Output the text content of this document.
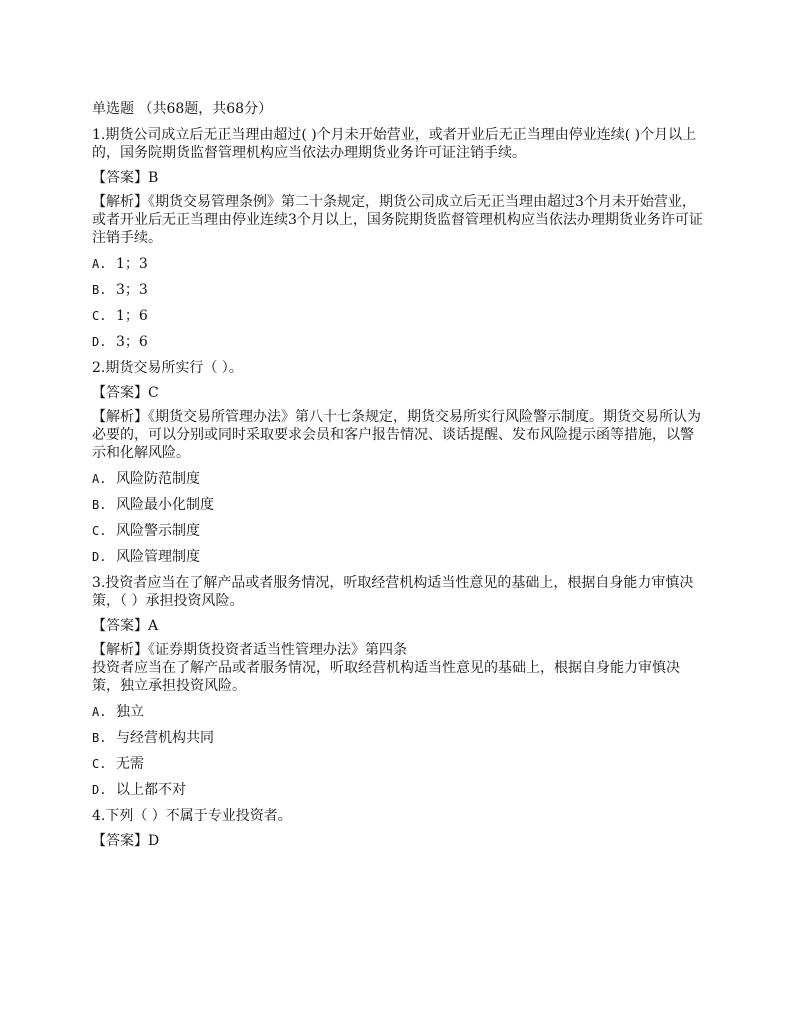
单选题 （共68题，共68分）

1.期货公司成立后无正当理由超过( )个月未开始营业，或者开业后无正当理由停业连续( )个月以上的，国务院期货监督管理机构应当依法办理期货业务许可证注销手续。

【答案】B

【解析】《期货交易管理条例》第二十条规定，期货公司成立后无正当理由超过3个月未开始营业，或者开业后无正当理由停业连续3个月以上，国务院期货监督管理机构应当依法办理期货业务许可证注销手续。

A. 1；3

B. 3；3

C. 1；6

D. 3；6

2.期货交易所实行（ ）。

【答案】C

【解析】《期货交易所管理办法》第八十七条规定，期货交易所实行风险警示制度。期货交易所认为必要的，可以分别或同时采取要求会员和客户报告情况、谈话提醒、发布风险提示函等措施，以警示和化解风险。

A. 风险防范制度

B. 风险最小化制度

C. 风险警示制度

D. 风险管理制度

3.投资者应当在了解产品或者服务情况，听取经营机构适当性意见的基础上，根据自身能力审慎决策，（ ）承担投资风险。

【答案】A

【解析】《证券期货投资者适当性管理办法》第四条

投资者应当在了解产品或者服务情况，听取经营机构适当性意见的基础上，根据自身能力审慎决策，独立承担投资风险。

A. 独立

B. 与经营机构共同

C. 无需

D. 以上都不对

4.下列（ ）不属于专业投资者。

【答案】D
